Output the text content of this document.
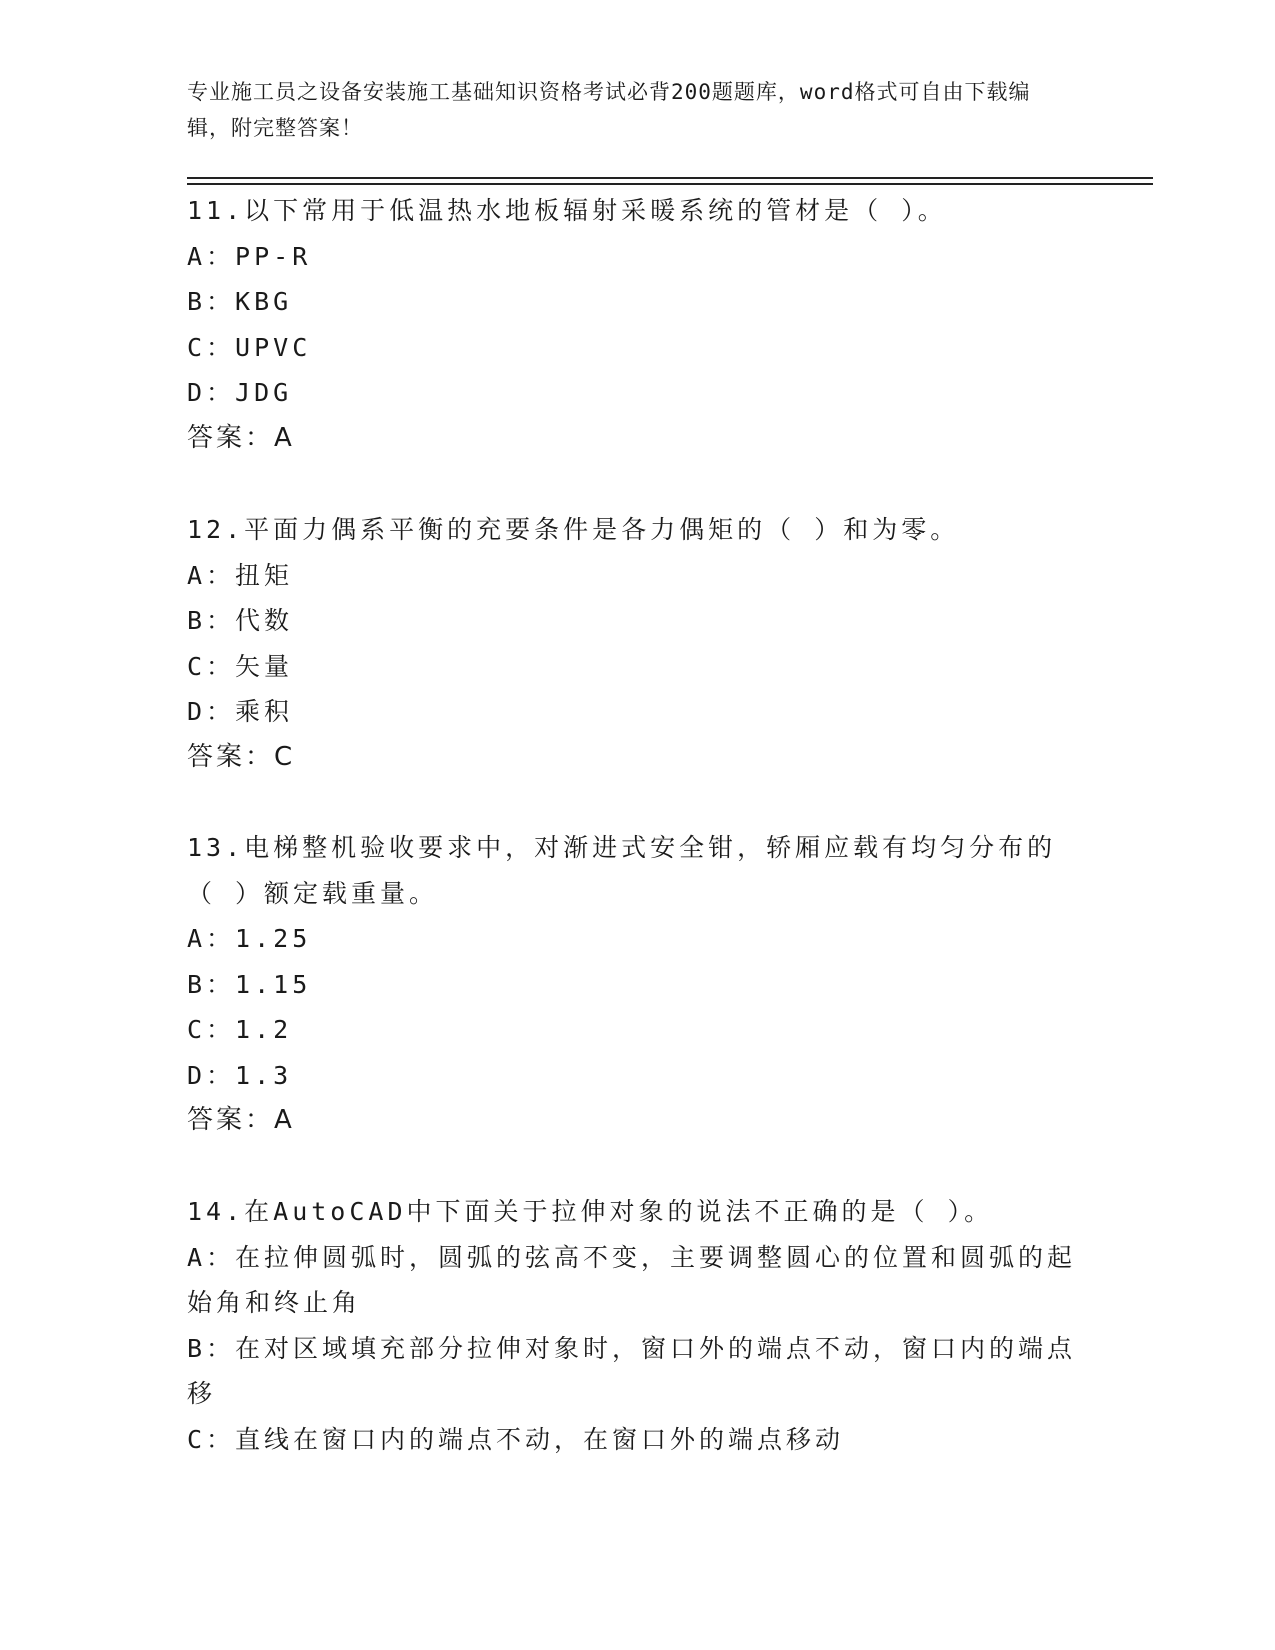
专业施工员之设备安装施工基础知识资格考试必背200题题库，word格式可自由下载编辑，附完整答案！

11.以下常用于低温热水地板辐射采暖系统的管材是（ ）。

A：PP-R

B：KBG

C：UPVC

D：JDG

答案：A

12.平面力偶系平衡的充要条件是各力偶矩的（ ）和为零。

A：扭矩

B：代数

C：矢量

D：乘积

答案：C

13.电梯整机验收要求中，对渐进式安全钳，轿厢应载有均匀分布的（ ）额定载重量。

A：1.25

B：1.15

C：1.2

D：1.3

答案：A

14.在AutoCAD中下面关于拉伸对象的说法不正确的是（ ）。

A：在拉伸圆弧时，圆弧的弦高不变，主要调整圆心的位置和圆弧的起始角和终止角

B：在对区域填充部分拉伸对象时，窗口外的端点不动，窗口内的端点移

C：直线在窗口内的端点不动，在窗口外的端点移动
